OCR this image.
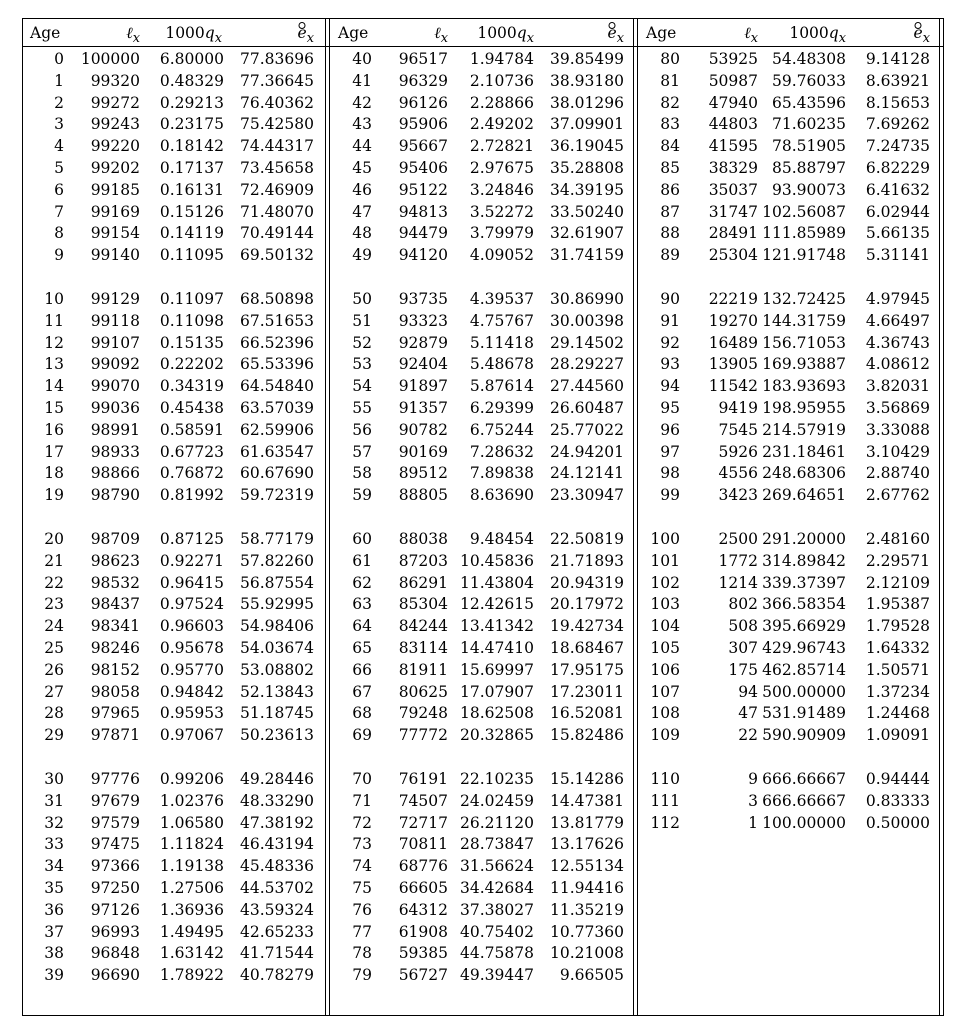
Age	ℓ$_x$	$1000q_x$	$e_x$ Age	ℓ$_x$	$1000q_x$	$e_x$ Age	ℓ$_x$	$1000q_x$	$e_x$
0	100000	6.80000	77.83696
1	99320	0.48329	77.36645
2	99272	0.29213	76.40362
3	99243	0.23175	75.42580
4	99220	0.18142	74.44317
5	99202	0.17137	73.45658
6	99185	0.16131	72.46909
7	99169	0.15126	71.48070
8	99154	0.14119	70.49144
9	99140	0.11095	69.50132
10	99129	0.11097	68.50898
11	99118	0.11098	67.51653
12	99107	0.15135	66.52396
13	99092	0.22202	65.53396
14	99070	0.34319	64.54840
15	99036	0.45438	63.57039
16	98991	0.58591	62.59906
17	98933	0.67723	61.63547
18	98866	0.76872	60.67690
19	98790	0.81992	59.72319
20	98709	0.87125	58.77179
21	98623	0.92271	57.82260
22	98532	0.96415	56.87554
23	98437	0.97524	55.92995
24	98341	0.96603	54.98406
25	98246	0.95678	54.03674
26	98152	0.95770	53.08802
27	98058	0.94842	52.13843
28	97965	0.95953	51.18745
29	97871	0.97067	50.23613
30	97776	0.99206	49.28446
31	97679	1.02376	48.33290
32	97579	1.06580	47.38192
33	97475	1.11824	46.43194
34	97366	1.19138	45.48336
35	97250	1.27506	44.53702
36	97126	1.36936	43.59324
37	96993	1.49495	42.65233
38	96848	1.63142	41.71544
39	96690	1.78922	40.78279
40	96517	1.94784	39.85499
41	96329	2.10736	38.93180
42	96126	2.28866	38.01296
43	95906	2.49202	37.09901
44	95667	2.72821	36.19045
45	95406	2.97675	35.28808
46	95122	3.24846	34.39195
47	94813	3.52272	33.50240
48	94479	3.79979	32.61907
49	94120	4.09052	31.74159
50	93735	4.39537	30.86990
51	93323	4.75767	30.00398
52	92879	5.11418	29.14502
53	92404	5.48678	28.29227
54	91897	5.87614	27.44560
55	91357	6.29399	26.60487
56	90782	6.75244	25.77022
57	90169	7.28632	24.94201
58	89512	7.89838	24.12141
59	88805	8.63690	23.30947
60	88038	9.48454	22.50819
61	87203 10.45836	21.71893
62	86291 11.43804	20.94319
63	85304 12.42615	20.17972
64	84244 13.41342	19.42734
65	83114 14.47410	18.68467
66	81911 15.69997	17.95175
67	80625 17.07907	17.23011
68	79248 18.62508	16.52081
69	77772 20.32865	15.82486
70	76191 22.10235	15.14286
71	74507 24.02459	14.47381
72	72717 26.21120	13.81779
73	70811 28.73847	13.17626
74	68776 31.56624	12.55134
75	66605 34.42684	11.94416
76	64312 37.38027	11.35219
77	61908 40.75402	10.77360
78	59385 44.75878	10.21008
79	56727 49.39447	9.66505
80	53925 54.48308	9.14128
81	50987 59.76033	8.63921
82	47940 65.43596	8.15653
83	44803 71.60235	7.69262
84	41595 78.51905	7.24735
85	38329 85.88797	6.82229
86	35037 93.90073	6.41632
87	31747 102.56087	6.02944
88	28491 111.85989	5.66135
89	25304 121.91748	5.31141
90	22219 132.72425	4.97945
91	19270 144.31759	4.66497
92	16489 156.71053	4.36743
93	13905 169.93887	4.08612
94	11542 183.93693	3.82031
95	9419 198.95955	3.56869
96	7545 214.57919	3.33088
97	5926 231.18461	3.10429
98	4556 248.68306	2.88740
99	3423 269.64651	2.67762
100	2500 291.20000	2.48160
101	1772 314.89842	2.29571
102	1214 339.37397	2.12109
103	802 366.58354	1.95387
104	508 395.66929	1.79528
105	307 429.96743	1.64332
106	175 462.85714	1.50571
107	94 500.00000	1.37234
108	47 531.91489	1.24468
109	22 590.90909	1.09091
110	9 666.66667	0.94444
111	3 666.66667	0.83333
112	1 100.00000	0.50000
